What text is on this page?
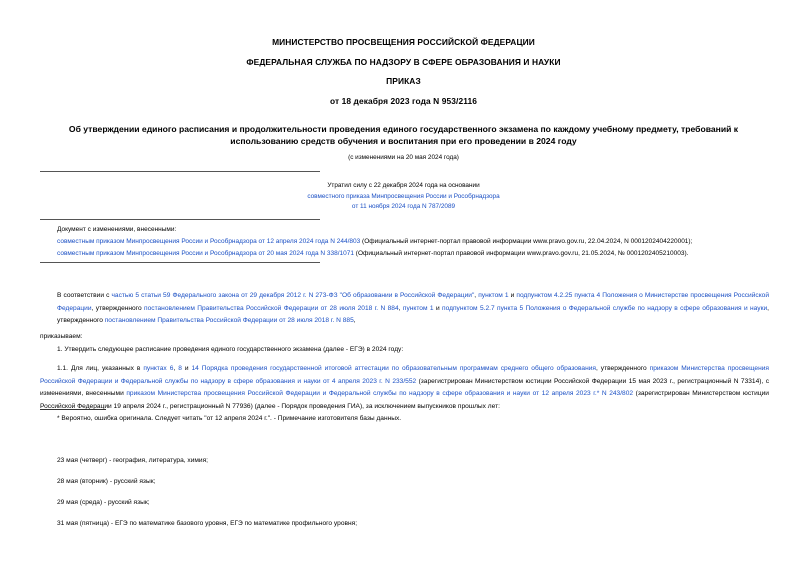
МИНИСТЕРСТВО ПРОСВЕЩЕНИЯ РОССИЙСКОЙ ФЕДЕРАЦИИ
ФЕДЕРАЛЬНАЯ СЛУЖБА ПО НАДЗОРУ В СФЕРЕ ОБРАЗОВАНИЯ И НАУКИ
ПРИКАЗ
от 18 декабря 2023 года N 953/2116
Об утверждении единого расписания и продолжительности проведения единого государственного экзамена по каждому учебному предмету, требований к использованию средств обучения и воспитания при его проведении в 2024 году
(с изменениями на 20 мая 2024 года)
Утратил силу с 22 декабря 2024 года на основании
совместного приказа Минпросвещения России и Рособрнадзора
от 11 ноября 2024 года N 787/2089
Документ с изменениями, внесенными:
совместным приказом Минпросвещения России и Рособрнадзора от 12 апреля 2024 года N 244/803 (Официальный интернет-портал правовой информации www.pravo.gov.ru, 22.04.2024, N 0001202404220001);
совместным приказом Минпросвещения России и Рособрнадзора от 20 мая 2024 года N 338/1071 (Официальный интернет-портал правовой информации www.pravo.gov.ru, 21.05.2024, № 0001202405210003).
В соответствии с частью 5 статьи 59 Федерального закона от 29 декабря 2012 г. N 273-ФЗ "Об образовании в Российской Федерации", пунктом 1 и подпунктом 4.2.25 пункта 4 Положения о Министерстве просвещения Российской Федерации, утвержденного постановлением Правительства Российской Федерации от 28 июля 2018 г. N 884, пунктом 1 и подпунктом 5.2.7 пункта 5 Положения о Федеральной службе по надзору в сфере образования и науки, утвержденного постановлением Правительства Российской Федерации от 28 июля 2018 г. N 885,
приказываем:
1. Утвердить следующее расписание проведения единого государственного экзамена (далее - ЕГЭ) в 2024 году:
1.1. Для лиц, указанных в пунктах 6, 8 и 14 Порядка проведения государственной итоговой аттестации по образовательным программам среднего общего образования, утвержденного приказом Министерства просвещения Российской Федерации и Федеральной службы по надзору в сфере образования и науки от 4 апреля 2023 г. N 233/552 (зарегистрирован Министерством юстиции Российской Федерации 15 мая 2023 г., регистрационный N 73314), с изменениями, внесенными приказом Министерства просвещения Российской Федерации и Федеральной службы по надзору в сфере образования и науки от 12 апреля 2023 г.* N 243/802 (зарегистрирован Министерством юстиции Российской Федерации 19 апреля 2024 г., регистрационный N 77936) (далее - Порядок проведения ГИА), за исключением выпускников прошлых лет:
* Вероятно, ошибка оригинала. Следует читать "от 12 апреля 2024 г.". - Примечание изготовителя базы данных.
23 мая (четверг) - география, литература, химия;
28 мая (вторник) - русский язык;
29 мая (среда) - русский язык;
31 мая (пятница) - ЕГЭ по математике базового уровня, ЕГЭ по математике профильного уровня;
